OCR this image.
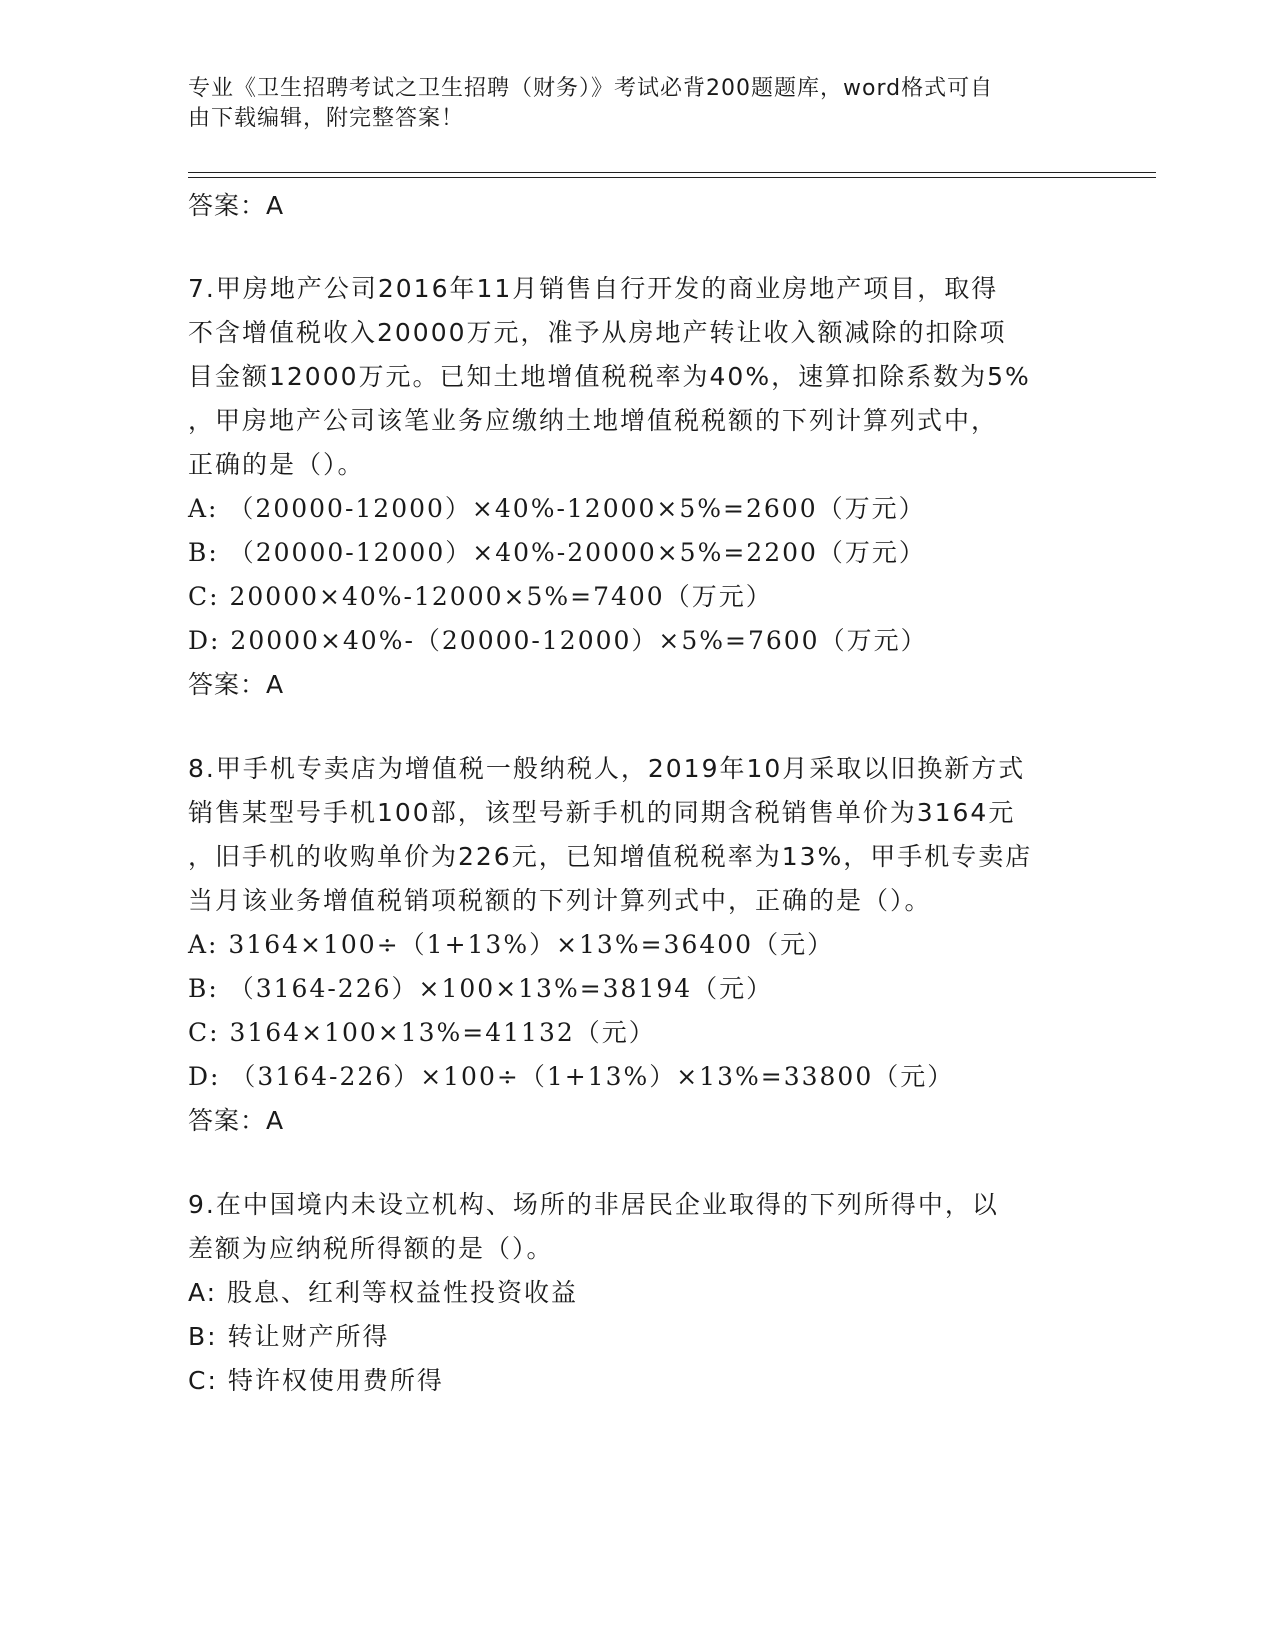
专业《卫生招聘考试之卫生招聘（财务）》考试必背200题题库，word格式可自
由下载编辑，附完整答案！
答案：A
7.甲房地产公司2016年11月销售自行开发的商业房地产项目，取得
不含增值税收入20000万元，准予从房地产转让收入额减除的扣除项
目金额12000万元。已知土地增值税税率为40%，速算扣除系数为5%
，甲房地产公司该笔业务应缴纳土地增值税税额的下列计算列式中，
正确的是（）。
A: （20000-12000）×40%-12000×5%=2600（万元）
B: （20000-12000）×40%-20000×5%=2200（万元）
C: 20000×40%-12000×5%=7400（万元）
D: 20000×40%-（20000-12000）×5%=7600（万元）
答案：A
8.甲手机专卖店为增值税一般纳税人，2019年10月采取以旧换新方式
销售某型号手机100部，该型号新手机的同期含税销售单价为3164元
，旧手机的收购单价为226元，已知增值税税率为13%，甲手机专卖店
当月该业务增值税销项税额的下列计算列式中，正确的是（）。
A: 3164×100÷（1+13%）×13%=36400（元）
B: （3164-226）×100×13%=38194（元）
C: 3164×100×13%=41132（元）
D: （3164-226）×100÷（1+13%）×13%=33800（元）
答案：A
9.在中国境内未设立机构、场所的非居民企业取得的下列所得中，以
差额为应纳税所得额的是（）。
A: 股息、红利等权益性投资收益
B: 转让财产所得
C: 特许权使用费所得
